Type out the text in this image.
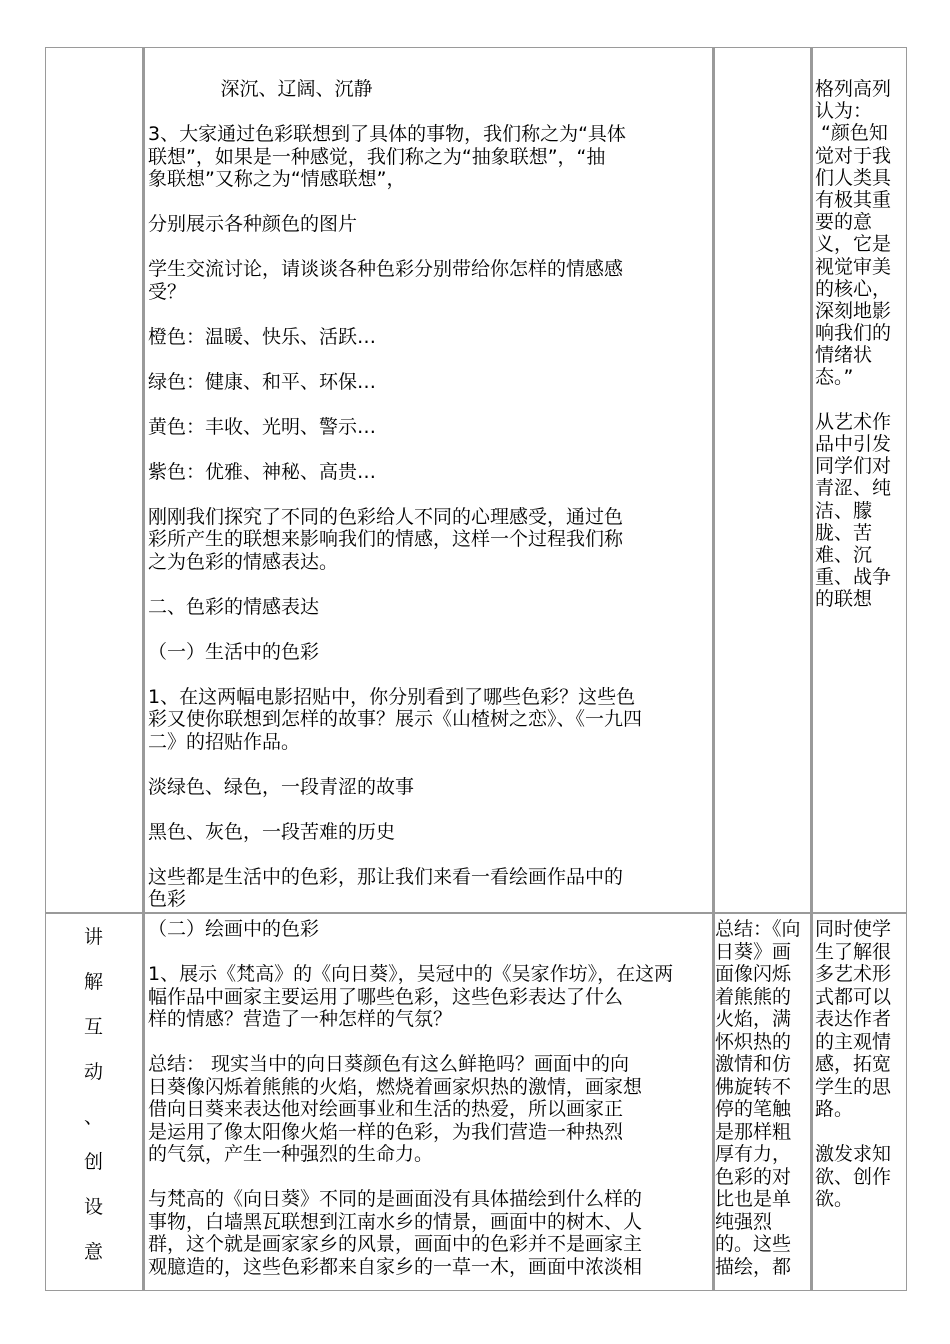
深沉、辽阔、沉静

3、大家通过色彩联想到了具体的事物，我们称之为“具体

联想”，如果是一种感觉，我们称之为“抽象联想”，“抽

象联想”又称之为“情感联想”，

分别展示各种颜色的图片

学生交流讨论，请谈谈各种色彩分别带给你怎样的情感感

受？

橙色：温暖、快乐、活跃…

绿色：健康、和平、环保…

黄色：丰收、光明、警示…

紫色：优雅、神秘、高贵…

刚刚我们探究了不同的色彩给人不同的心理感受，通过色

彩所产生的联想来影响我们的情感，这样一个过程我们称

之为色彩的情感表达。

二、色彩的情感表达

（一）生活中的色彩

1、在这两幅电影招贴中，你分别看到了哪些色彩？这些色

彩又使你联想到怎样的故事？展示《山楂树之恋》、《一九四

二》的招贴作品。

淡绿色、绿色，一段青涩的故事

黑色、灰色，一段苦难的历史

这些都是生活中的色彩，那让我们来看一看绘画作品中的

色彩

格列高列

认为：

“颜色知

觉对于我

们人类具

有极其重

要的意

义，它是

视觉审美

的核心，

深刻地影

响我们的

情绪状

态。”

从艺术作

品中引发

同学们对

青涩、纯

洁、朦

胧、苦

难、沉

重、战争

的联想

讲
解
互
动
、
创
设
意

（二）绘画中的色彩

1、展示《梵高》的《向日葵》，吴冠中的《吴家作坊》，在这两

幅作品中画家主要运用了哪些色彩，这些色彩表达了什么

样的情感？营造了一种怎样的气氛？

总结： 现实当中的向日葵颜色有这么鲜艳吗？画面中的向

日葵像闪烁着熊熊的火焰，燃烧着画家炽热的激情，画家想

借向日葵来表达他对绘画事业和生活的热爱，所以画家正

是运用了像太阳像火焰一样的色彩，为我们营造一种热烈

的气氛，产生一种强烈的生命力。

与梵高的《向日葵》不同的是画面没有具体描绘到什么样的

事物，白墙黑瓦联想到江南水乡的情景，画面中的树木、人

群，这个就是画家家乡的风景，画面中的色彩并不是画家主

观臆造的，这些色彩都来自家乡的一草一木，画面中浓淡相

总结：《向

日葵》画

面像闪烁

着熊熊的

火焰，满

怀炽热的

激情和仿

佛旋转不

停的笔触

是那样粗

厚有力，

色彩的对

比也是单

纯强烈

的。这些

描绘，都

同时使学

生了解很

多艺术形

式都可以

表达作者

的主观情

感，拓宽

学生的思

路。

激发求知

欲、创作

欲。
